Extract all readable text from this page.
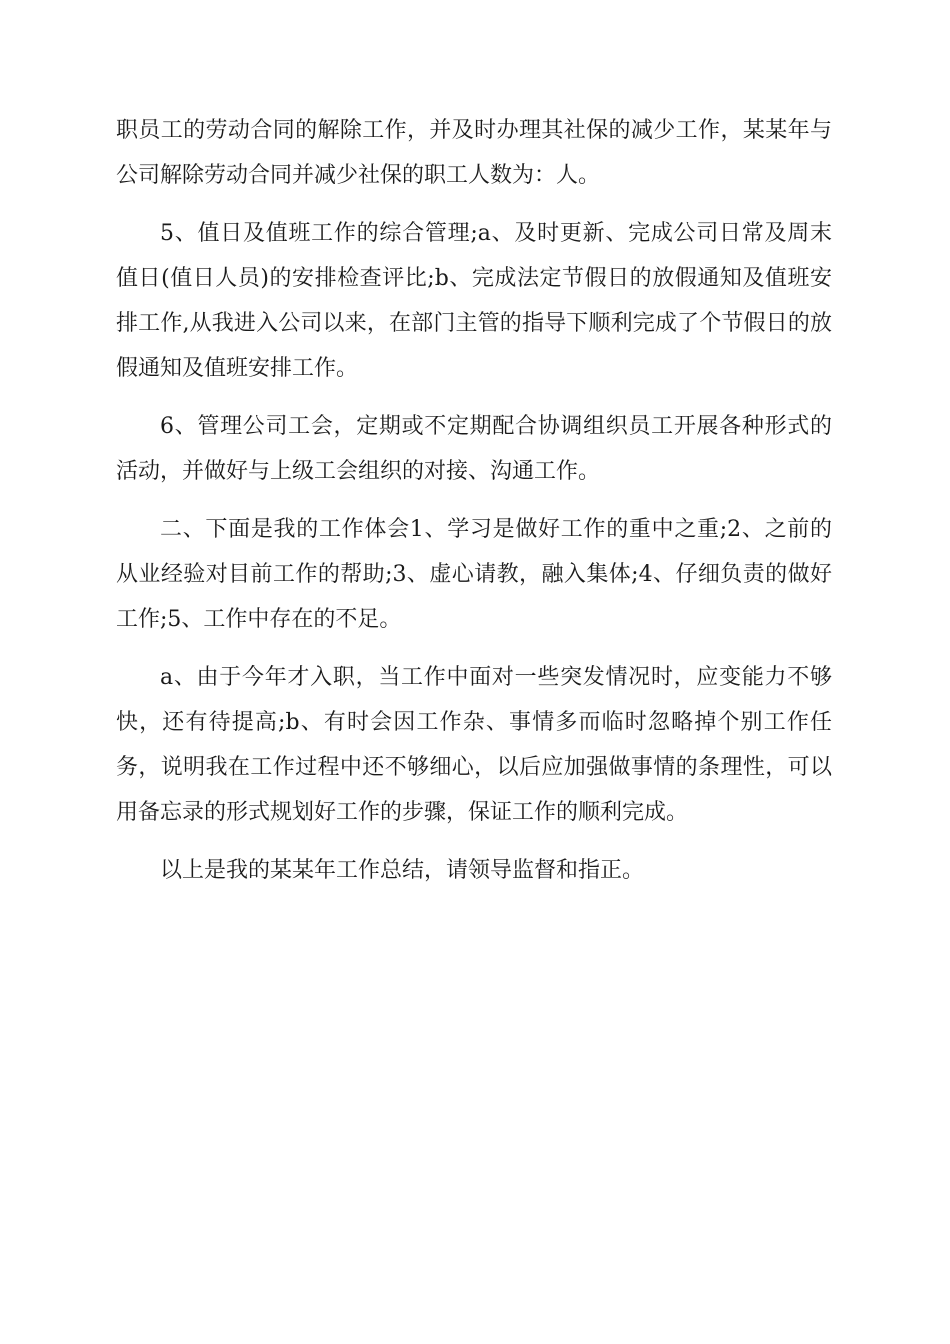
职员工的劳动合同的解除工作，并及时办理其社保的减少工作，某某年与公司解除劳动合同并减少社保的职工人数为：人。

5、值日及值班工作的综合管理;a、及时更新、完成公司日常及周末值日(值日人员)的安排检查评比;b、完成法定节假日的放假通知及值班安排工作,从我进入公司以来，在部门主管的指导下顺利完成了个节假日的放假通知及值班安排工作。

6、管理公司工会，定期或不定期配合协调组织员工开展各种形式的活动，并做好与上级工会组织的对接、沟通工作。

二、下面是我的工作体会1、学习是做好工作的重中之重;2、之前的从业经验对目前工作的帮助;3、虚心请教，融入集体;4、仔细负责的做好工作;5、工作中存在的不足。

a、由于今年才入职，当工作中面对一些突发情况时，应变能力不够快，还有待提高;b、有时会因工作杂、事情多而临时忽略掉个别工作任务，说明我在工作过程中还不够细心，以后应加强做事情的条理性，可以用备忘录的形式规划好工作的步骤，保证工作的顺利完成。

以上是我的某某年工作总结，请领导监督和指正。
